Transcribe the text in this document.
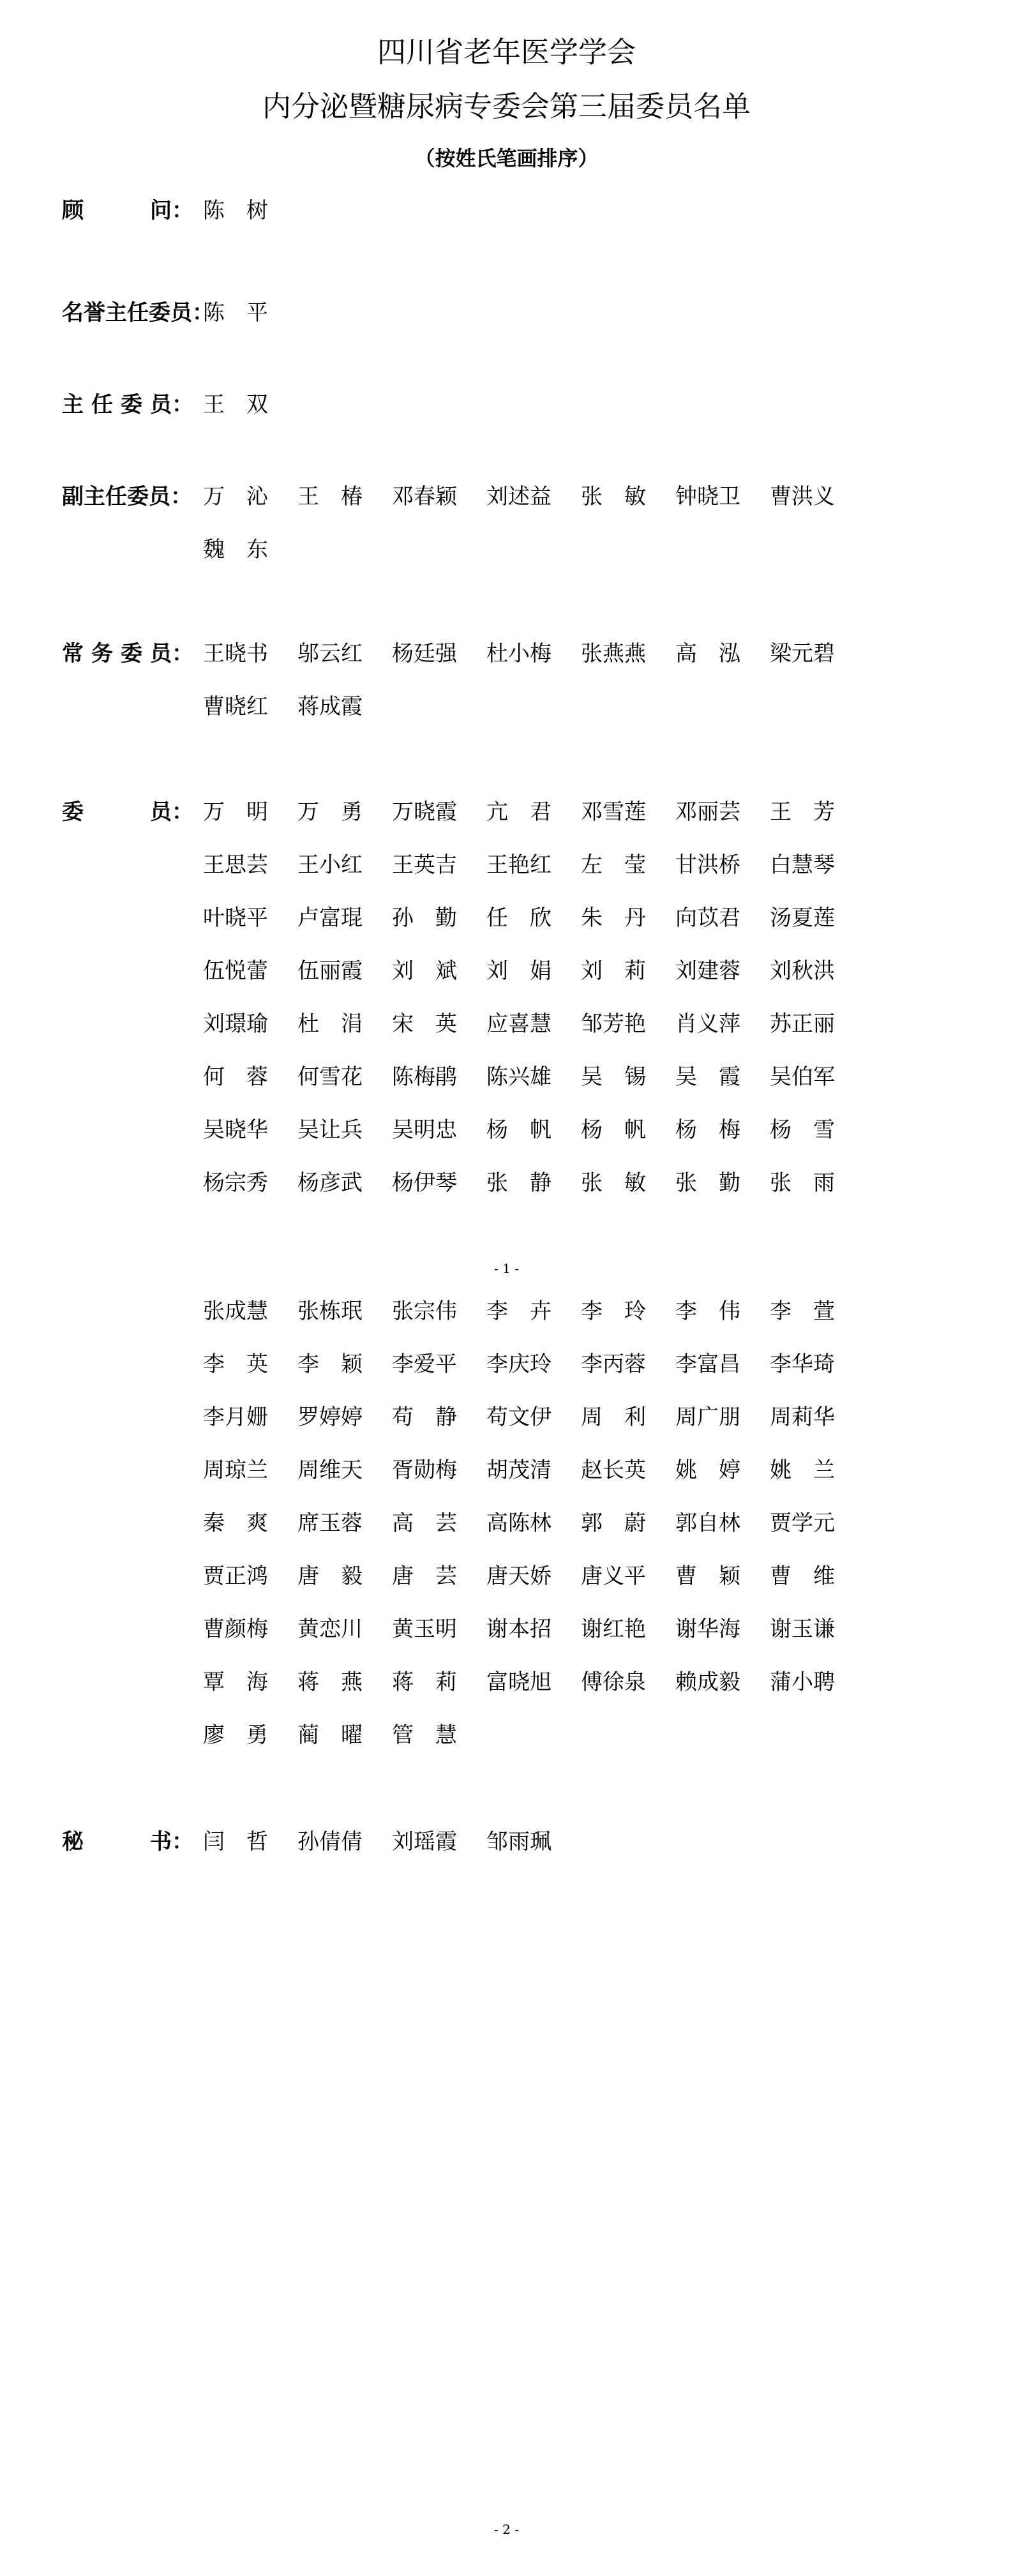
四川省老年医学学会
内分泌暨糖尿病专委会第三届委员名单
（按姓氏笔画排序）
顾	问： 陈　树
名誉主任委员：
陈　平
主 任 委 员： 王　双
副主任委员： 万　沁	王　椿	邓春颖	刘述益	张　敏	钟晓卫	曹洪义
魏　东
常 务 委 员： 王晓书	邬云红	杨廷强	杜小梅	张燕燕	高　泓	梁元碧
曹晓红	蒋成霞
委	员： 万　明	万　勇	万晓霞	亢　君	邓雪莲	邓丽芸	王　芳
王思芸	王小红	王英吉	王艳红	左　莹	甘洪桥	白慧琴
叶晓平	卢富琨	孙　勤	任　欣	朱　丹	向苡君	汤夏莲
伍悦蕾	伍丽霞	刘　斌	刘　娟	刘　莉	刘建蓉	刘秋洪
刘璟瑜	杜　涓	宋　英	应喜慧	邹芳艳	肖义萍	苏正丽
何　蓉	何雪花	陈梅鹃	陈兴雄	吴　锡	吴　霞	吴伯军
吴晓华	吴让兵	吴明忠	杨　帆	杨　帆	杨　梅	杨　雪
杨宗秀	杨彦武	杨伊琴	张　静	张　敏	张　勤	张　雨
- 1 -
张成慧	张栋珉	张宗伟	李　卉	李　玲	李　伟	李　萱
李　英	李　颖	李爱平	李庆玲	李丙蓉	李富昌	李华琦
李月姗	罗婷婷	苟　静	苟文伊	周　利	周广朋	周莉华
周琼兰	周维天	胥勋梅	胡茂清	赵长英	姚　婷	姚　兰
秦　爽	席玉蓉	高　芸	高陈林	郭　蔚	郭自林	贾学元
贾正鸿	唐　毅	唐　芸	唐天娇	唐义平	曹　颖	曹　维
曹颜梅	黄恋川	黄玉明	谢本招	谢红艳	谢华海	谢玉谦
覃　海	蒋　燕	蒋　莉	富晓旭	傅徐泉	赖成毅	蒲小聘
廖　勇	蔺　曜	管　慧
秘	书： 闫　哲	孙倩倩	刘瑶霞	邹雨珮
- 2 -
